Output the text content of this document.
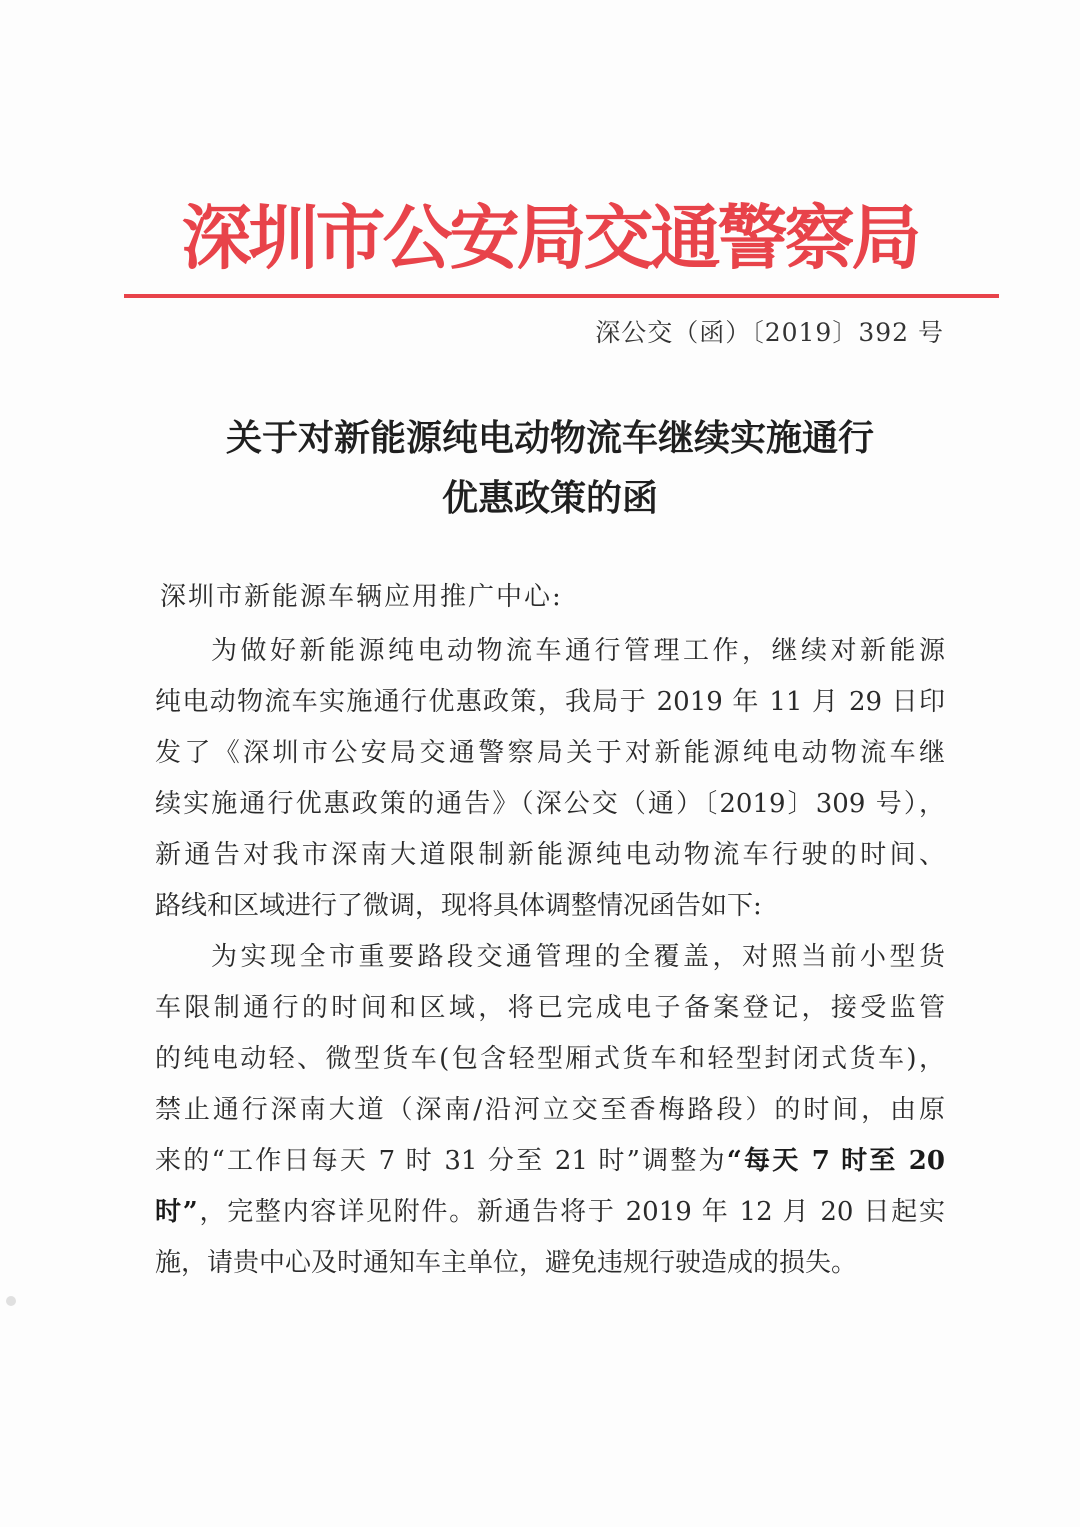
深圳市公安局交通警察局
深公交（函）〔2019〕392 号
关于对新能源纯电动物流车继续实施通行
优惠政策的函
深圳市新能源车辆应用推广中心:
为做好新能源纯电动物流车通行管理工作，继续对新能源
纯电动物流车实施通行优惠政策，我局于 2019 年 11 月 29 日印
发了《深圳市公安局交通警察局关于对新能源纯电动物流车继
续实施通行优惠政策的通告》（深公交（通）〔2019〕309 号），
新通告对我市深南大道限制新能源纯电动物流车行驶的时间、
路线和区域进行了微调，现将具体调整情况函告如下:
为实现全市重要路段交通管理的全覆盖，对照当前小型货
车限制通行的时间和区域，将已完成电子备案登记，接受监管
的纯电动轻、微型货车(包含轻型厢式货车和轻型封闭式货车)，
禁止通行深南大道（深南/沿河立交至香梅路段）的时间，由原
来的“工作日每天 7 时 31 分至 21 时”调整为“每天 7 时至 20
时”，完整内容详见附件。新通告将于 2019 年 12 月 20 日起实
施，请贵中心及时通知车主单位，避免违规行驶造成的损失。
